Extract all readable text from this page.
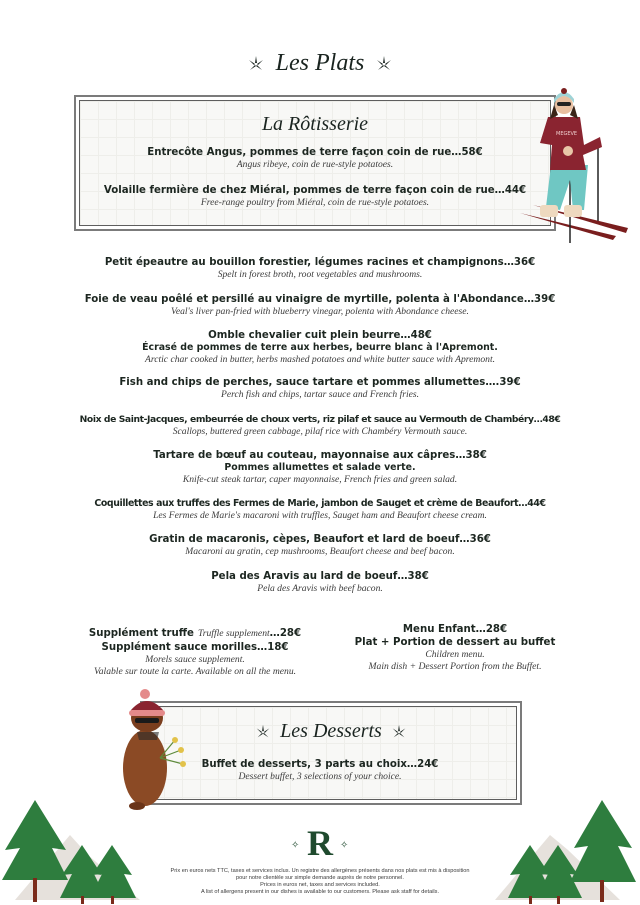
Les Plats
La Rôtisserie
Entrecôte Angus, pommes de terre façon coin de rue…58€
Angus ribeye, coin de rue-style potatoes.
Volaille fermière de chez Miéral, pommes de terre façon coin de rue…44€
Free-range poultry from Miéral, coin de rue-style potatoes.
MEGEVE
Petit épeautre au bouillon forestier, légumes racines et champignons…36€
Spelt in forest broth, root vegetables and mushrooms.
Foie de veau poêlé et persillé au vinaigre de myrtille, polenta à l'Abondance…39€
Veal's liver pan-fried with blueberry vinegar, polenta with Abondance cheese.
Omble chevalier cuit plein beurre…48€
Écrasé de pommes de terre aux herbes, beurre blanc à l'Apremont.
Arctic char cooked in butter, herbs mashed potatoes and white butter sauce with Apremont.
Fish and chips de perches, sauce tartare et pommes allumettes….39€
Perch fish and chips, tartar sauce and French fries.
Noix de Saint-Jacques, embeurrée de choux verts, riz pilaf et sauce au Vermouth de Chambéry…48€
Scallops, buttered green cabbage, pilaf rice with Chambéry Vermouth sauce.
Tartare de bœuf au couteau, mayonnaise aux câpres…38€
Pommes allumettes et salade verte.
Knife-cut steak tartar, caper mayonnaise, French fries and green salad.
Coquillettes aux truffes des Fermes de Marie, jambon de Sauget et crème de Beaufort…44€
Les Fermes de Marie's macaroni with truffles, Sauget ham and Beaufort cheese cream.
Gratin de macaronis, cèpes, Beaufort et lard de boeuf…36€
Macaroni au gratin, cep mushrooms, Beaufort cheese and beef bacon.
Pela des Aravis au lard de boeuf…38€
Pela des Aravis with beef bacon.
Supplément truffe Truffle supplement…28€
Supplément sauce morilles…18€
Morels sauce supplement.
Valable sur toute la carte. Available on all the menu.
Menu Enfant…28€
Plat + Portion de dessert au buffet
Children menu.
Main dish + Dessert Portion from the Buffet.
Les Desserts
Buffet de desserts, 3 parts au choix…24€
Dessert buffet, 3 selections of your choice.
✧ R ✧
Prix en euros nets TTC, taxes et services inclus. Un registre des allergènes présents dans nos plats est mis à disposition
pour notre clientèle sur simple demande auprès de notre personnel.
Prices in euros net, taxes and services included.
A list of allergens present in our dishes is available to our customers. Please ask staff for details.
